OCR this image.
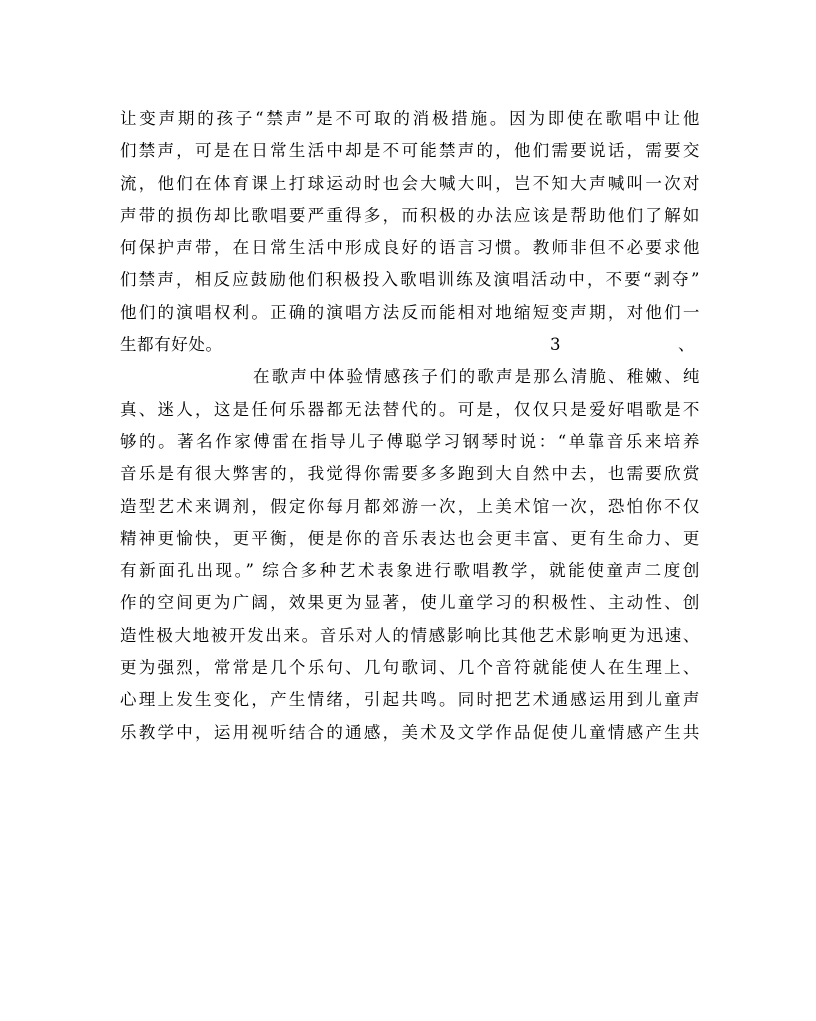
让变声期的孩子“禁声”是不可取的消极措施。因为即使在歌唱中让他
们禁声，可是在日常生活中却是不可能禁声的，他们需要说话，需要交
流，他们在体育课上打球运动时也会大喊大叫，岂不知大声喊叫一次对
声带的损伤却比歌唱要严重得多，而积极的办法应该是帮助他们了解如
何保护声带，在日常生活中形成良好的语言习惯。教师非但不必要求他
们禁声，相反应鼓励他们积极投入歌唱训练及演唱活动中，不要“剥夺”
他们的演唱权利。正确的演唱方法反而能相对地缩短变声期，对他们一
生都有好处。	3	、
在歌声中体验情感孩子们的歌声是那么清脆、稚嫩、纯
真、迷人，这是任何乐器都无法替代的。可是，仅仅只是爱好唱歌是不
够的。著名作家傅雷在指导儿子傅聪学习钢琴时说：“单靠音乐来培养
音乐是有很大弊害的，我觉得你需要多多跑到大自然中去，也需要欣赏
造型艺术来调剂，假定你每月都郊游一次，上美术馆一次，恐怕你不仅
精神更愉快，更平衡，便是你的音乐表达也会更丰富、更有生命力、更
有新面孔出现。” 综合多种艺术表象进行歌唱教学，就能使童声二度创
作的空间更为广阔，效果更为显著，使儿童学习的积极性、主动性、创
造性极大地被开发出来。音乐对人的情感影响比其他艺术影响更为迅速、
更为强烈，常常是几个乐句、几句歌词、几个音符就能使人在生理上、
心理上发生变化，产生情绪，引起共鸣。同时把艺术通感运用到儿童声
乐教学中，运用视听结合的通感，美术及文学作品促使儿童情感产生共
